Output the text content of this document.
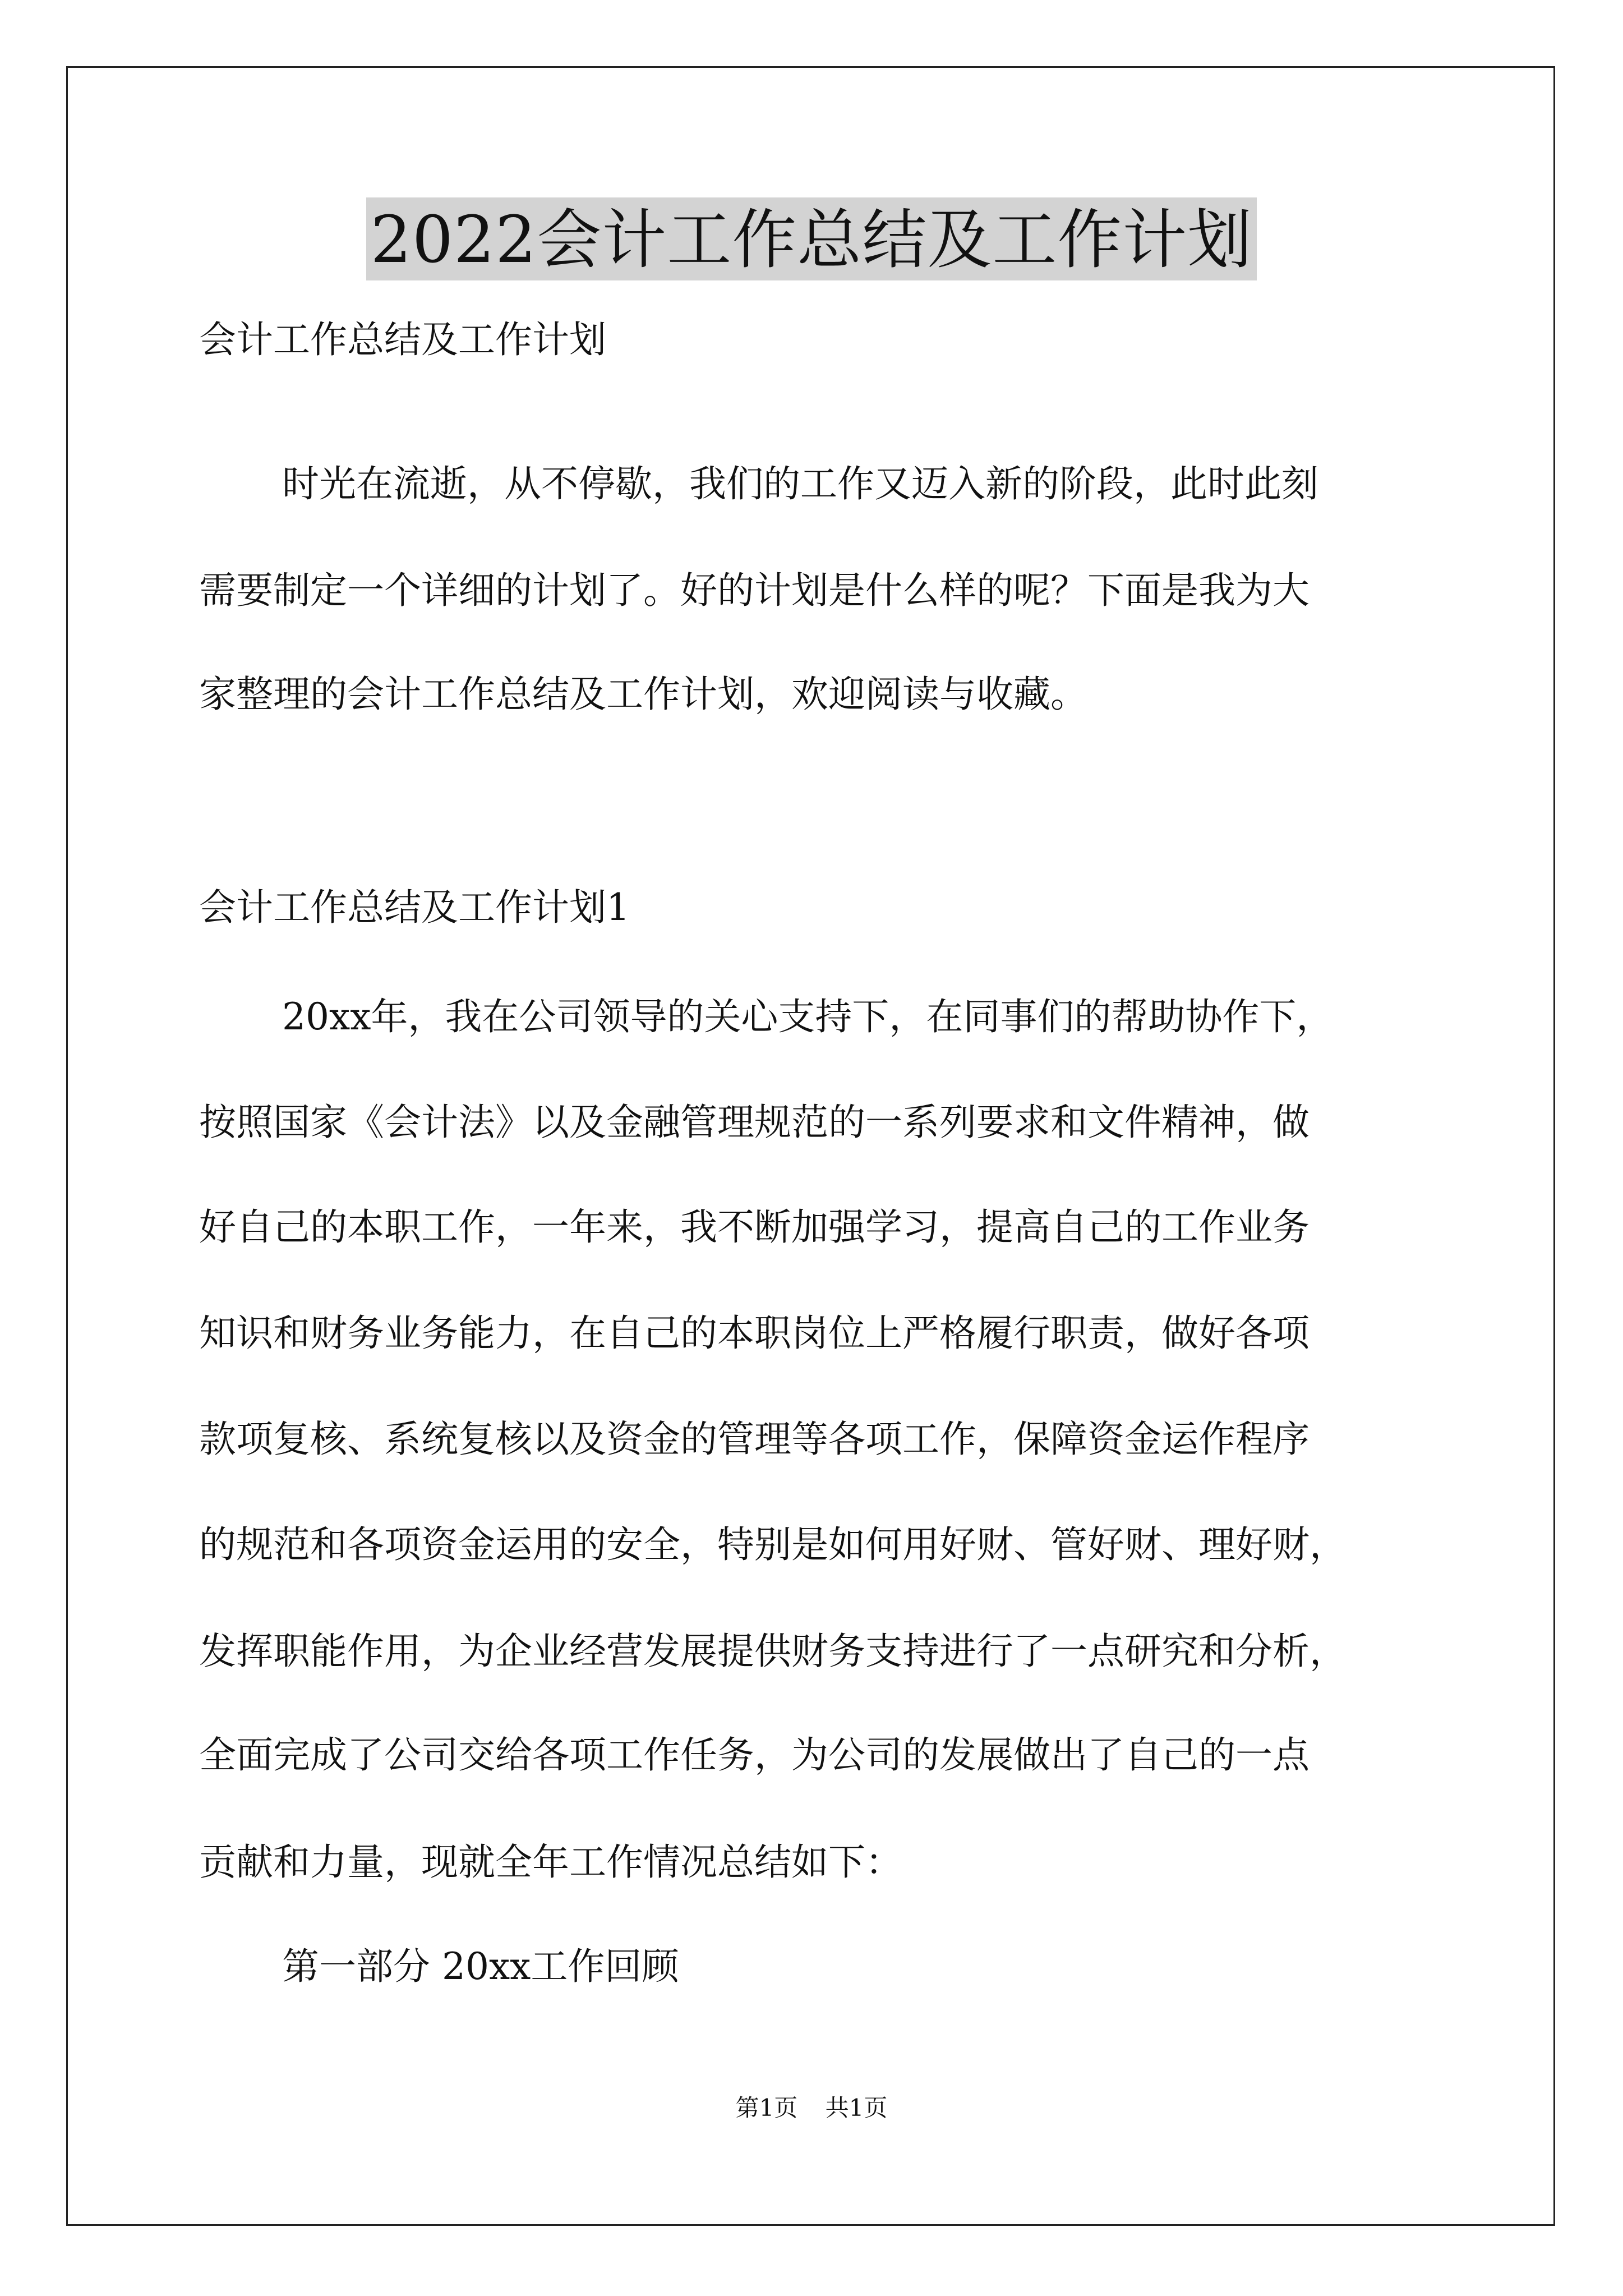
2022会计工作总结及工作计划
会计工作总结及工作计划
时光在流逝，从不停歇，我们的工作又迈入新的阶段，此时此刻
需要制定一个详细的计划了。好的计划是什么样的呢？下面是我为大
家整理的会计工作总结及工作计划，欢迎阅读与收藏。
会计工作总结及工作计划1
20xx年，我在公司领导的关心支持下，在同事们的帮助协作下，
按照国家《会计法》以及金融管理规范的一系列要求和文件精神，做
好自己的本职工作，一年来，我不断加强学习，提高自己的工作业务
知识和财务业务能力，在自己的本职岗位上严格履行职责，做好各项
款项复核、系统复核以及资金的管理等各项工作，保障资金运作程序
的规范和各项资金运用的安全，特别是如何用好财、管好财、理好财，
发挥职能作用，为企业经营发展提供财务支持进行了一点研究和分析，
全面完成了公司交给各项工作任务，为公司的发展做出了自己的一点
贡献和力量，现就全年工作情况总结如下：
第一部分 20xx工作回顾
第1页 共1页
